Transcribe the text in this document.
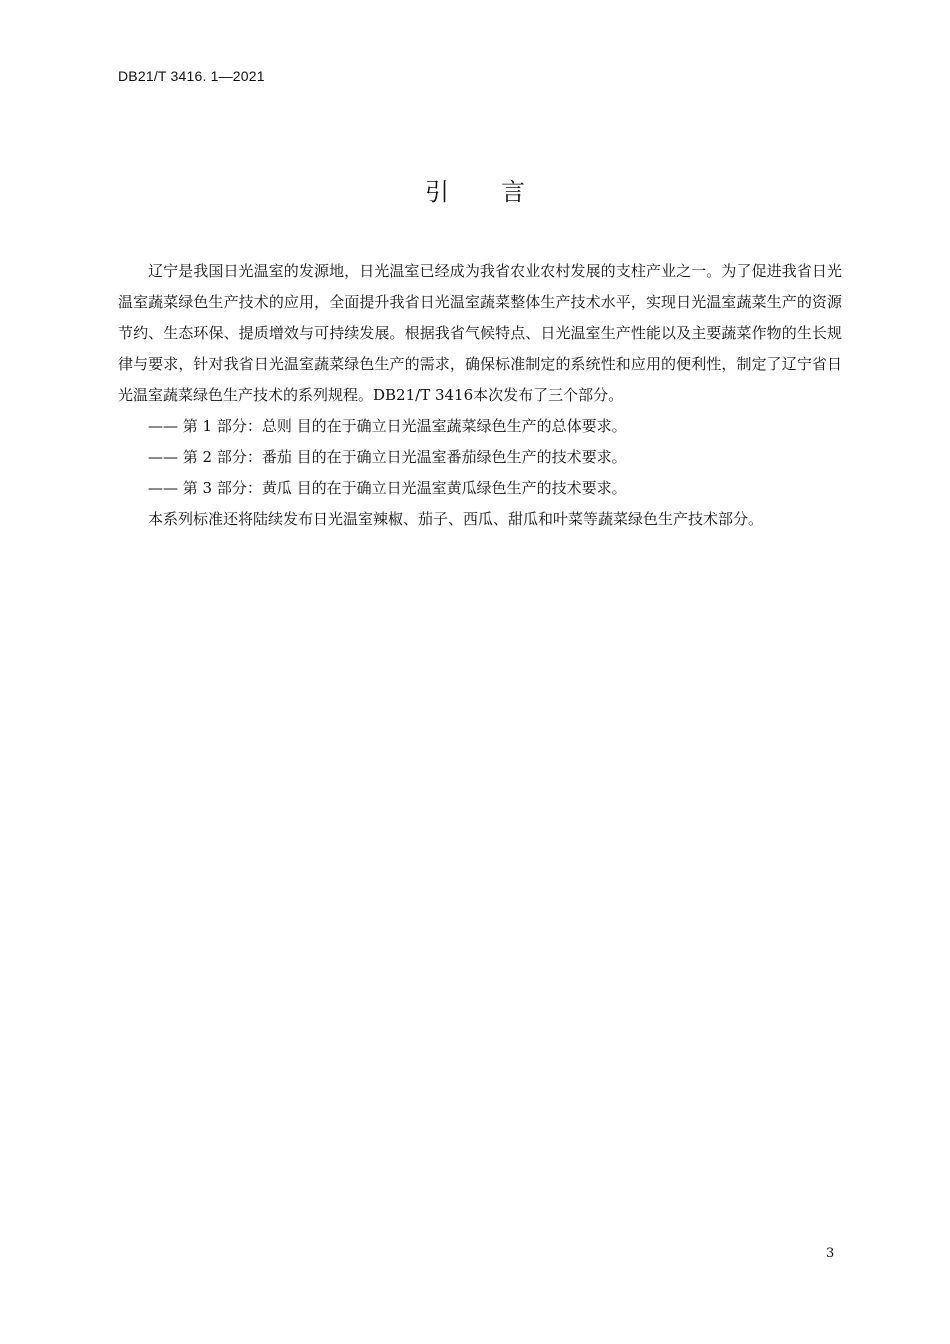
DB21/T 3416. 1—2021
引 言

辽宁是我国日光温室的发源地，日光温室已经成为我省农业农村发展的支柱产业之一。为了促进我省日光温室蔬菜绿色生产技术的应用，全面提升我省日光温室蔬菜整体生产技术水平，实现日光温室蔬菜生产的资源节约、生态环保、提质增效与可持续发展。根据我省气候特点、日光温室生产性能以及主要蔬菜作物的生长规律与要求，针对我省日光温室蔬菜绿色生产的需求，确保标准制定的系统性和应用的便利性，制定了辽宁省日光温室蔬菜绿色生产技术的系列规程。DB21/T 3416本次发布了三个部分。

—— 第 1 部分：总则 目的在于确立日光温室蔬菜绿色生产的总体要求。

—— 第 2 部分：番茄 目的在于确立日光温室番茄绿色生产的技术要求。

—— 第 3 部分：黄瓜 目的在于确立日光温室黄瓜绿色生产的技术要求。

本系列标准还将陆续发布日光温室辣椒、茄子、西瓜、甜瓜和叶菜等蔬菜绿色生产技术部分。

3
